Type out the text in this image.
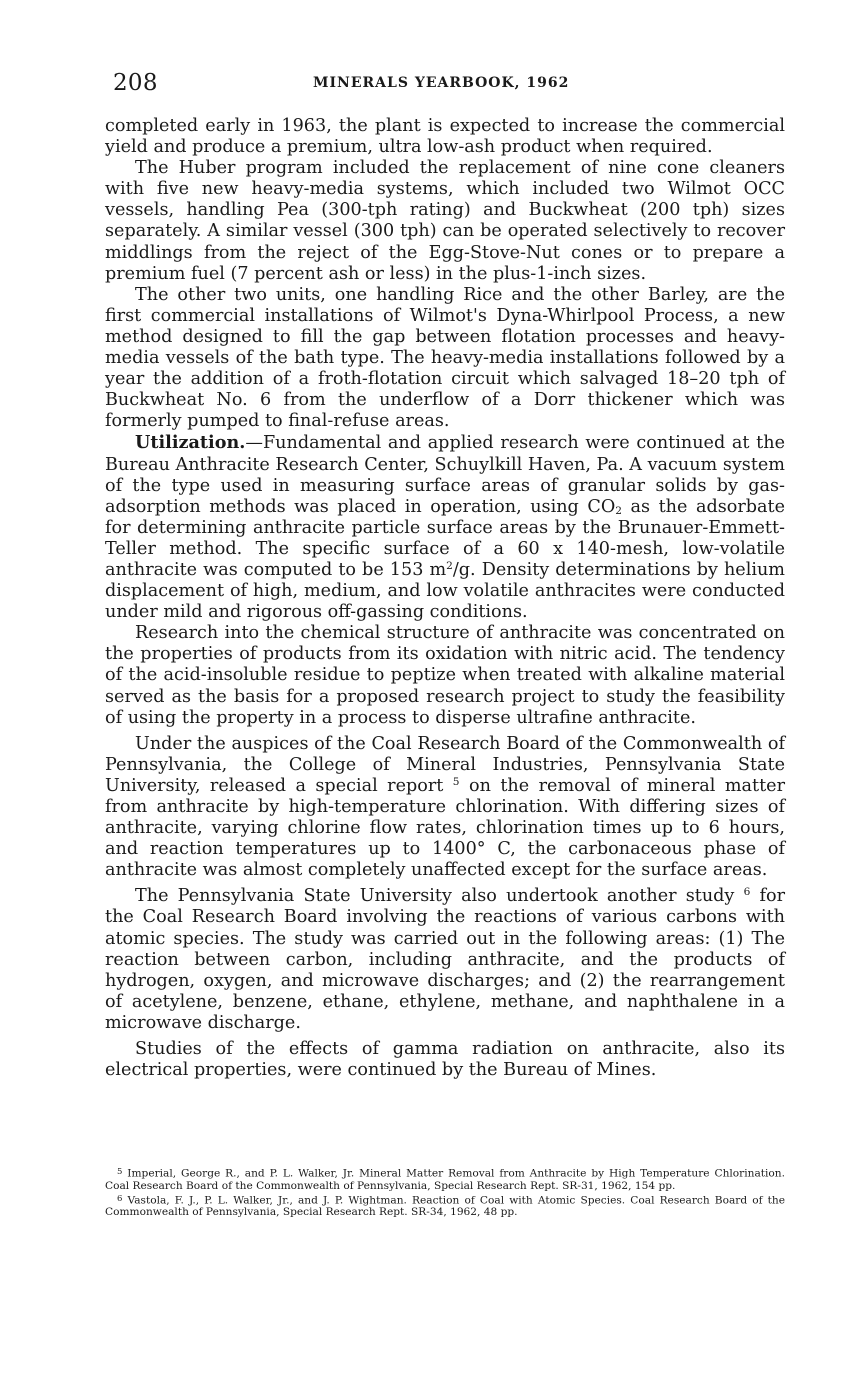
208	MINERALS YEARBOOK, 1962

completed early in 1963, the plant is expected to increase the commercial yield and produce a premium, ultra low-ash product when required.

The Huber program included the replacement of nine cone cleaners with five new heavy-media systems, which included two Wilmot OCC vessels, handling Pea (300-tph rating) and Buckwheat (200 tph) sizes separately. A similar vessel (300 tph) can be operated selectively to recover middlings from the reject of the Egg-Stove-Nut cones or to prepare a premium fuel (7 percent ash or less) in the plus-1-inch sizes.

The other two units, one handling Rice and the other Barley, are the first commercial installations of Wilmot's Dyna-Whirlpool Process, a new method designed to fill the gap between flotation processes and heavy-media vessels of the bath type. The heavy-media installations followed by a year the addition of a froth-flotation circuit which salvaged 18–20 tph of Buckwheat No. 6 from the underflow of a Dorr thickener which was formerly pumped to final-refuse areas.

Utilization.—Fundamental and applied research were continued at the Bureau Anthracite Research Center, Schuylkill Haven, Pa. A vacuum system of the type used in measuring surface areas of granular solids by gas-adsorption methods was placed in operation, using $CO_2$ as the adsorbate for determining anthracite particle surface areas by the Brunauer-Emmett-Teller method. The specific surface of a 60 x 140-mesh, low-volatile anthracite was computed to be 153 $m^2/g$. Density determinations by helium displacement of high, medium, and low volatile anthracites were conducted under mild and rigorous off-gassing conditions.

Research into the chemical structure of anthracite was concentrated on the properties of products from its oxidation with nitric acid. The tendency of the acid-insoluble residue to peptize when treated with alkaline material served as the basis for a proposed research project to study the feasibility of using the property in a process to disperse ultrafine anthracite.

Under the auspices of the Coal Research Board of the Commonwealth of Pennsylvania, the College of Mineral Industries, Pennsylvania State University, released a special report $^5$ on the removal of mineral matter from anthracite by high-temperature chlorination. With differing sizes of anthracite, varying chlorine flow rates, chlorination times up to 6 hours, and reaction temperatures up to 1400° C, the carbonaceous phase of anthracite was almost completely unaffected except for the surface areas.

The Pennsylvania State University also undertook another study $^6$ for the Coal Research Board involving the reactions of various carbons with atomic species. The study was carried out in the following areas: (1) The reaction between carbon, including anthracite, and the products of hydrogen, oxygen, and microwave discharges; and (2) the rearrangement of acetylene, benzene, ethane, ethylene, methane, and naphthalene in a microwave discharge.

Studies of the effects of gamma radiation on anthracite, also its electrical properties, were continued by the Bureau of Mines.

$^5$ Imperial, George R., and P. L. Walker, Jr. Mineral Matter Removal from Anthracite by High Temperature Chlorination. Coal Research Board of the Commonwealth of Pennsylvania, Special Research Rept. SR-31, 1962, 154 pp.

$^6$ Vastola, F. J., P. L. Walker, Jr., and J. P. Wightman. Reaction of Coal with Atomic Species. Coal Research Board of the Commonwealth of Pennsylvania, Special Research Rept. SR-34, 1962, 48 pp.
